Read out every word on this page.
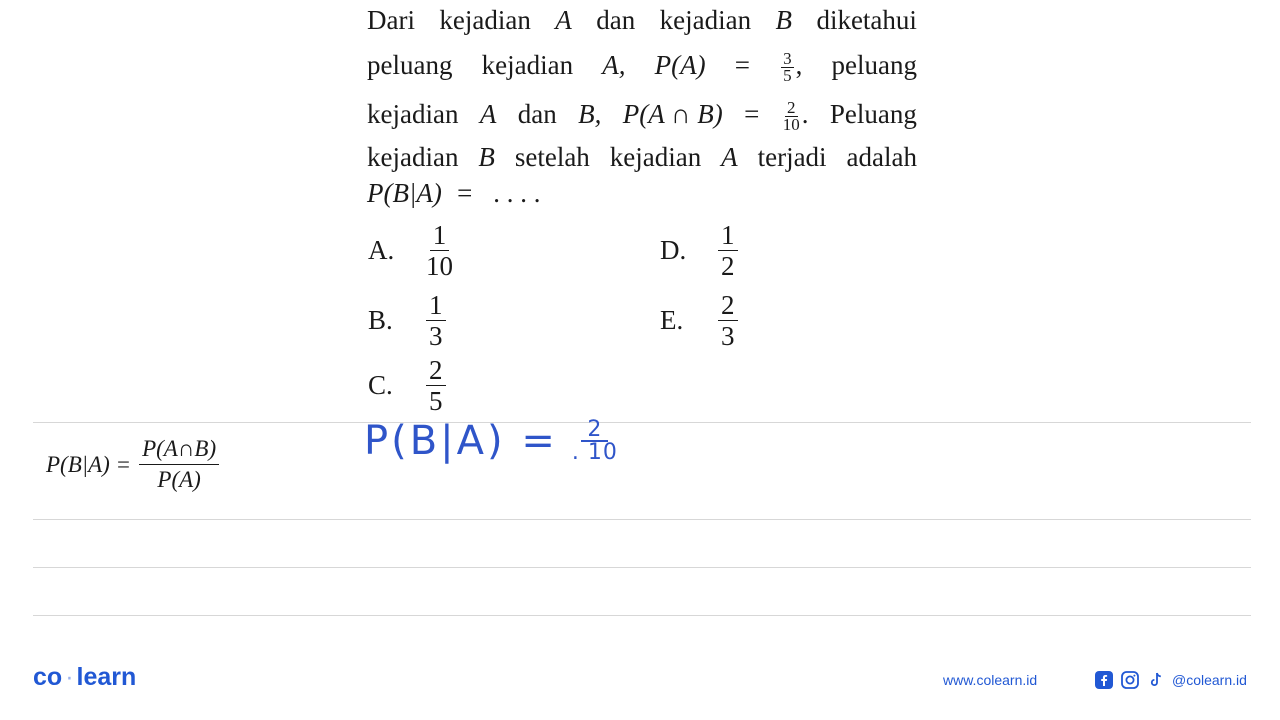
Dari kejadian A dan kejadian B diketahui
peluang kejadian A, $P(A) = \frac{3}{5}$ , peluang
kejadian A dan B, P(A ∩ $B) = \frac{2}{10}$ . Peluang
kejadian B setelah kejadian A terjadi adalah
P(B|A)  =   . . . .
A.	$\frac{1}{10}$
B.	$\frac{1}{3}$
C.	$\frac{2}{5}$
D.	$\frac{1}{2}$
E.	$\frac{2}{3}$
$P(B|A) = \frac{P(A\cap B)}{P(A)}$	$P(B|A) = \frac{2}{. 10}$
co · learn	www.colearn.id	@colearn.id
